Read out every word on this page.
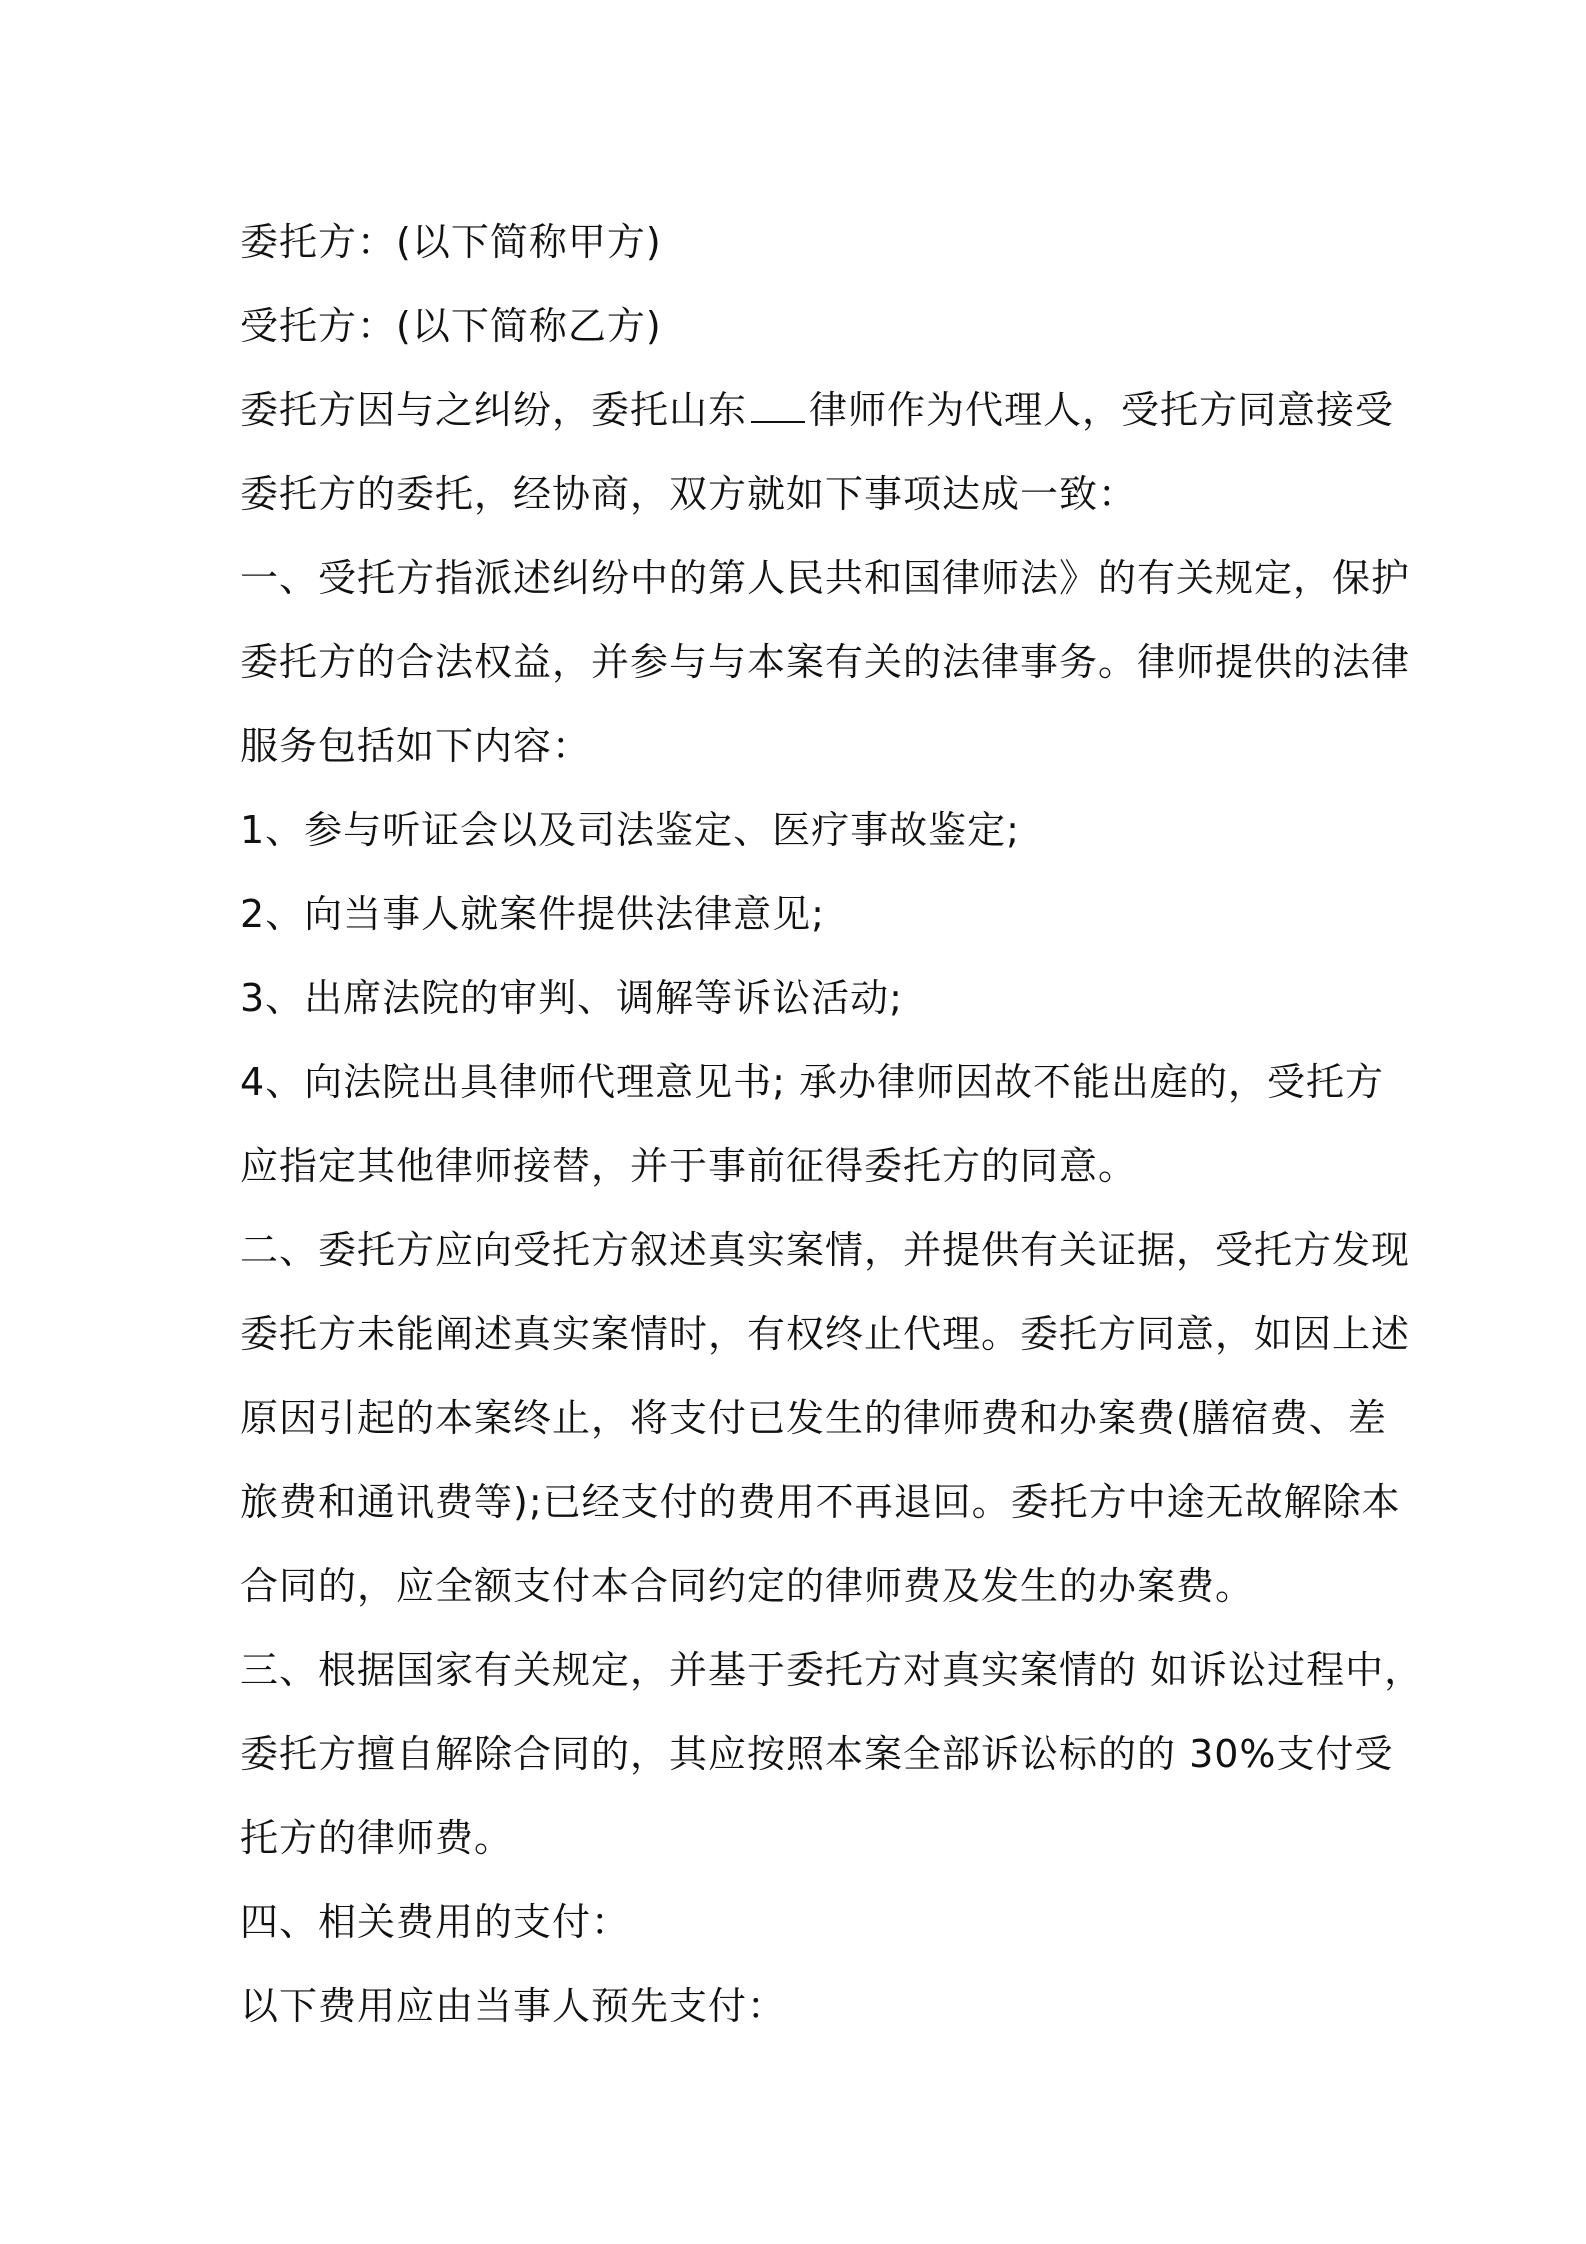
委托方：(以下简称甲方)
受托方：(以下简称乙方)
委托方因与之纠纷，委托山东 律师作为代理人，受托方同意接受
委托方的委托，经协商，双方就如下事项达成一致：
一、受托方指派述纠纷中的第人民共和国律师法》的有关规定，保护
委托方的合法权益，并参与与本案有关的法律事务。律师提供的法律
服务包括如下内容：
1、参与听证会以及司法鉴定、医疗事故鉴定;
2、向当事人就案件提供法律意见;
3、出席法院的审判、调解等诉讼活动;
4、向法院出具律师代理意见书; 承办律师因故不能出庭的，受托方
应指定其他律师接替，并于事前征得委托方的同意。
二、委托方应向受托方叙述真实案情，并提供有关证据，受托方发现
委托方未能阐述真实案情时，有权终止代理。委托方同意，如因上述
原因引起的本案终止，将支付已发生的律师费和办案费(膳宿费、差
旅费和通讯费等);已经支付的费用不再退回。委托方中途无故解除本
合同的，应全额支付本合同约定的律师费及发生的办案费。
三、根据国家有关规定，并基于委托方对真实案情的 如诉讼过程中，
委托方擅自解除合同的，其应按照本案全部诉讼标的的 30%支付受
托方的律师费。
四、相关费用的支付：
以下费用应由当事人预先支付：
